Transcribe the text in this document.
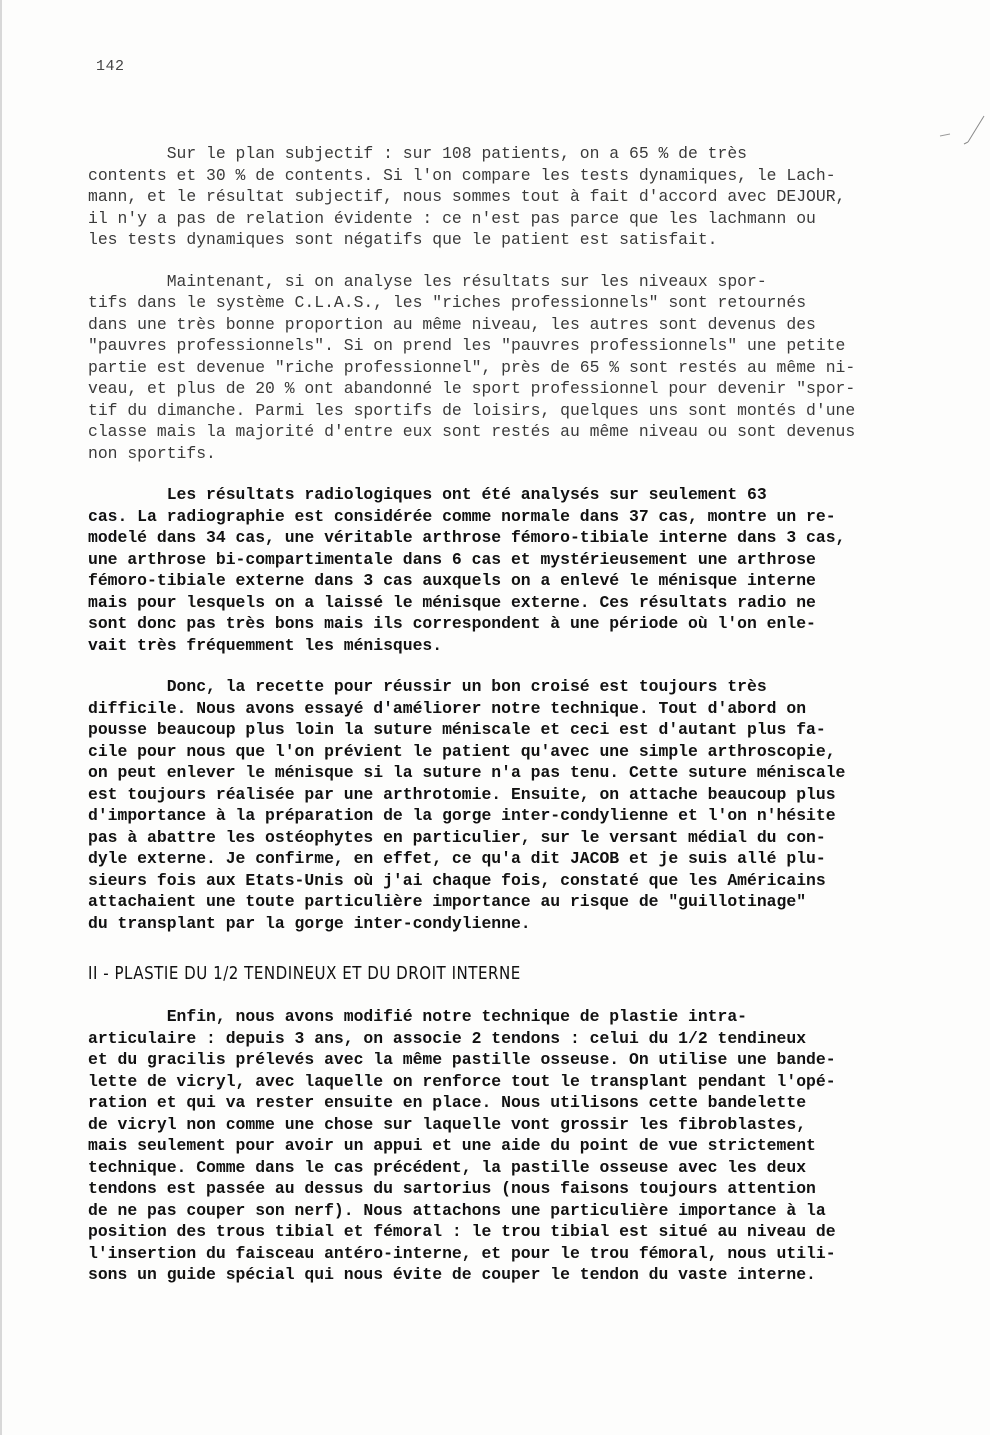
142

Sur le plan subjectif : sur 108 patients, on a 65 % de très
contents et 30 % de contents. Si l'on compare les tests dynamiques, le Lach-
mann, et le résultat subjectif, nous sommes tout à fait d'accord avec DEJOUR,
il n'y a pas de relation évidente : ce n'est pas parce que les lachmann ou
les tests dynamiques sont négatifs que le patient est satisfait.

Maintenant, si on analyse les résultats sur les niveaux spor-
tifs dans le système C.L.A.S., les "riches professionnels" sont retournés
dans une très bonne proportion au même niveau, les autres sont devenus des
"pauvres professionnels". Si on prend les "pauvres professionnels" une petite
partie est devenue "riche professionnel", près de 65 % sont restés au même ni-
veau, et plus de 20 % ont abandonné le sport professionnel pour devenir "spor-
tif du dimanche. Parmi les sportifs de loisirs, quelques uns sont montés d'une
classe mais la majorité d'entre eux sont restés au même niveau ou sont devenus
non sportifs.

Les résultats radiologiques ont été analysés sur seulement 63
cas. La radiographie est considérée comme normale dans 37 cas, montre un re-
modelé dans 34 cas, une véritable arthrose fémoro-tibiale interne dans 3 cas,
une arthrose bi-compartimentale dans 6 cas et mystérieusement une arthrose
fémoro-tibiale externe dans 3 cas auxquels on a enlevé le ménisque interne
mais pour lesquels on a laissé le ménisque externe. Ces résultats radio ne
sont donc pas très bons mais ils correspondent à une période où l'on enle-
vait très fréquemment les ménisques.

Donc, la recette pour réussir un bon croisé est toujours très
difficile. Nous avons essayé d'améliorer notre technique. Tout d'abord on
pousse beaucoup plus loin la suture méniscale et ceci est d'autant plus fa-
cile pour nous que l'on prévient le patient qu'avec une simple arthroscopie,
on peut enlever le ménisque si la suture n'a pas tenu. Cette suture méniscale
est toujours réalisée par une arthrotomie. Ensuite, on attache beaucoup plus
d'importance à la préparation de la gorge inter-condylienne et l'on n'hésite
pas à abattre les ostéophytes en particulier, sur le versant médial du con-
dyle externe. Je confirme, en effet, ce qu'a dit JACOB et je suis allé plu-
sieurs fois aux Etats-Unis où j'ai chaque fois, constaté que les Américains
attachaient une toute particulière importance au risque de "guillotinage"
du transplant par la gorge inter-condylienne.

II - PLASTIE DU 1/2 TENDINEUX ET DU DROIT INTERNE

Enfin, nous avons modifié notre technique de plastie intra-
articulaire : depuis 3 ans, on associe 2 tendons : celui du 1/2 tendineux
et du gracilis prélevés avec la même pastille osseuse. On utilise une bande-
lette de vicryl, avec laquelle on renforce tout le transplant pendant l'opé-
ration et qui va rester ensuite en place. Nous utilisons cette bandelette
de vicryl non comme une chose sur laquelle vont grossir les fibroblastes,
mais seulement pour avoir un appui et une aide du point de vue strictement
technique. Comme dans le cas précédent, la pastille osseuse avec les deux
tendons est passée au dessus du sartorius (nous faisons toujours attention
de ne pas couper son nerf). Nous attachons une particulière importance à la
position des trous tibial et fémoral : le trou tibial est situé au niveau de
l'insertion du faisceau antéro-interne, et pour le trou fémoral, nous utili-
sons un guide spécial qui nous évite de couper le tendon du vaste interne.
